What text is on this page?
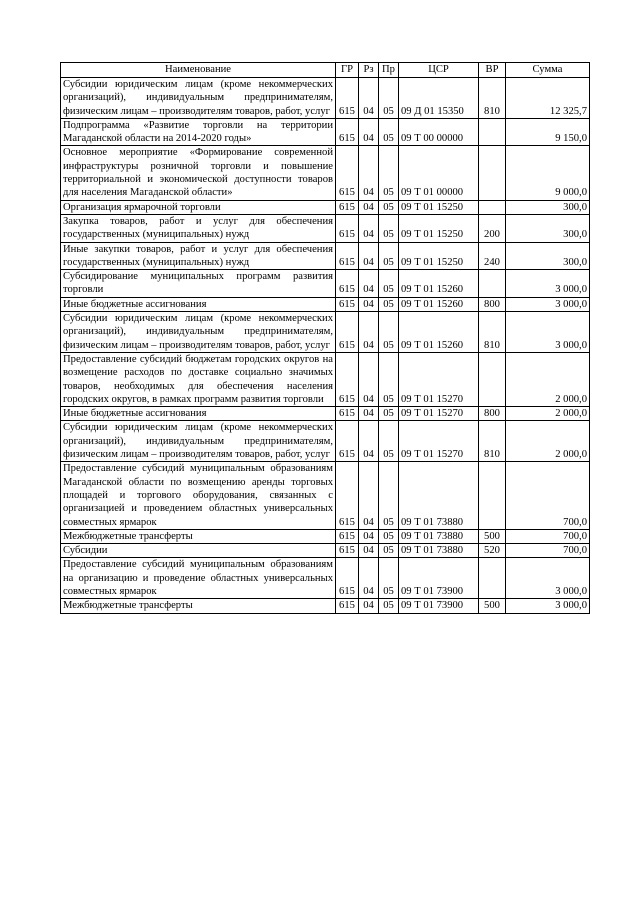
Наименование	ГР	Рз	Пр	ЦСР	ВР	Сумма
Субсидии юридическим лицам (кроме некоммерческих организаций), индивидуальным предпринимателям, физическим лицам – производителям товаров, работ, услуг	615	04	05	09 Д 01 15350	810	12 325,7
Подпрограмма «Развитие торговли на территории Магаданской области на 2014-2020 годы»	615	04	05	09 Т 00 00000		9 150,0
Основное мероприятие «Формирование современной инфраструктуры розничной торговли и повышение территориальной и экономической доступности товаров для населения Магаданской области»	615	04	05	09 Т 01 00000		9 000,0
Организация ярмарочной торговли	615	04	05	09 Т 01 15250		300,0
Закупка товаров, работ и услуг для обеспечения государственных (муниципальных) нужд	615	04	05	09 Т 01 15250	200	300,0
Иные закупки товаров, работ и услуг для обеспечения государственных (муниципальных) нужд	615	04	05	09 Т 01 15250	240	300,0
Субсидирование муниципальных программ развития торговли	615	04	05	09 Т 01 15260		3 000,0
Иные бюджетные ассигнования	615	04	05	09 Т 01 15260	800	3 000,0
Субсидии юридическим лицам (кроме некоммерческих организаций), индивидуальным предпринимателям, физическим лицам – производителям товаров, работ, услуг	615	04	05	09 Т 01 15260	810	3 000,0
Предоставление субсидий бюджетам городских округов на возмещение расходов по доставке социально значимых товаров, необходимых для обеспечения населения городских округов, в рамках программ развития торговли	615	04	05	09 Т 01 15270		2 000,0
Иные бюджетные ассигнования	615	04	05	09 Т 01 15270	800	2 000,0
Субсидии юридическим лицам (кроме некоммерческих организаций), индивидуальным предпринимателям, физическим лицам – производителям товаров, работ, услуг	615	04	05	09 Т 01 15270	810	2 000,0
Предоставление субсидий муниципальным образованиям Магаданской области по возмещению аренды торговых площадей и торгового оборудования, связанных с организацией и проведением областных универсальных совместных ярмарок	615	04	05	09 Т 01 73880		700,0
Межбюджетные трансферты	615	04	05	09 Т 01 73880	500	700,0
Субсидии	615	04	05	09 Т 01 73880	520	700,0
Предоставление субсидий муниципальным образованиям на организацию и проведение областных универсальных совместных ярмарок	615	04	05	09 Т 01 73900		3 000,0
Межбюджетные трансферты	615	04	05	09 Т 01 73900	500	3 000,0
